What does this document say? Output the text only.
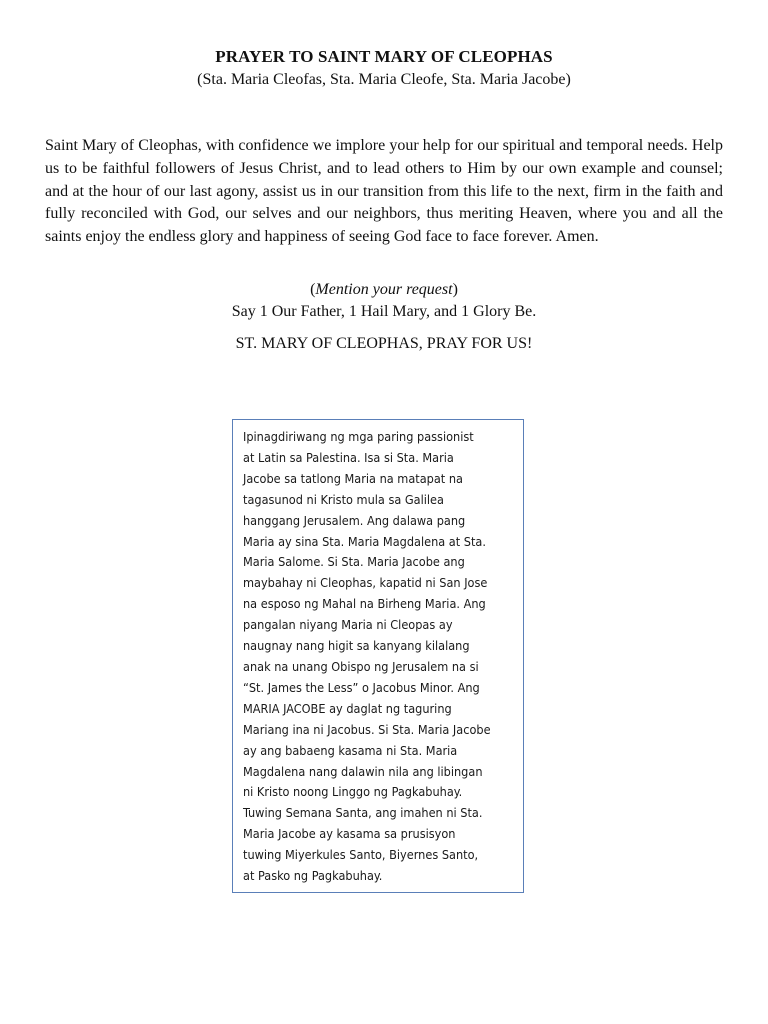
PRAYER TO SAINT MARY OF CLEOPHAS
(Sta. Maria Cleofas, Sta. Maria Cleofe, Sta. Maria Jacobe)

Saint Mary of Cleophas, with confidence we implore your help for our spiritual and temporal needs. Help us to be faithful followers of Jesus Christ, and to lead others to Him by our own example and counsel; and at the hour of our last agony, assist us in our transition from this life to the next, firm in the faith and fully reconciled with God, our selves and our neighbors, thus meriting Heaven, where you and all the saints enjoy the endless glory and happiness of seeing God face to face forever. Amen.

(Mention your request)
Say 1 Our Father, 1 Hail Mary, and 1 Glory Be.
ST. MARY OF CLEOPHAS, PRAY FOR US!
Ipinagdiriwang ng mga paring passionist
at Latin sa Palestina. Isa si Sta. Maria
Jacobe sa tatlong Maria na matapat na
tagasunod ni Kristo mula sa Galilea
hanggang Jerusalem. Ang dalawa pang
Maria ay sina Sta. Maria Magdalena at Sta.
Maria Salome. Si Sta. Maria Jacobe ang
maybahay ni Cleophas, kapatid ni San Jose
na esposo ng Mahal na Birheng Maria. Ang
pangalan niyang Maria ni Cleopas ay
naugnay nang higit sa kanyang kilalang
anak na unang Obispo ng Jerusalem na si
“St. James the Less” o Jacobus Minor. Ang
MARIA JACOBE ay daglat ng taguring
Mariang ina ni Jacobus. Si Sta. Maria Jacobe
ay ang babaeng kasama ni Sta. Maria
Magdalena nang dalawin nila ang libingan
ni Kristo noong Linggo ng Pagkabuhay.
Tuwing Semana Santa, ang imahen ni Sta.
Maria Jacobe ay kasama sa prusisyon
tuwing Miyerkules Santo, Biyernes Santo,
at Pasko ng Pagkabuhay.
